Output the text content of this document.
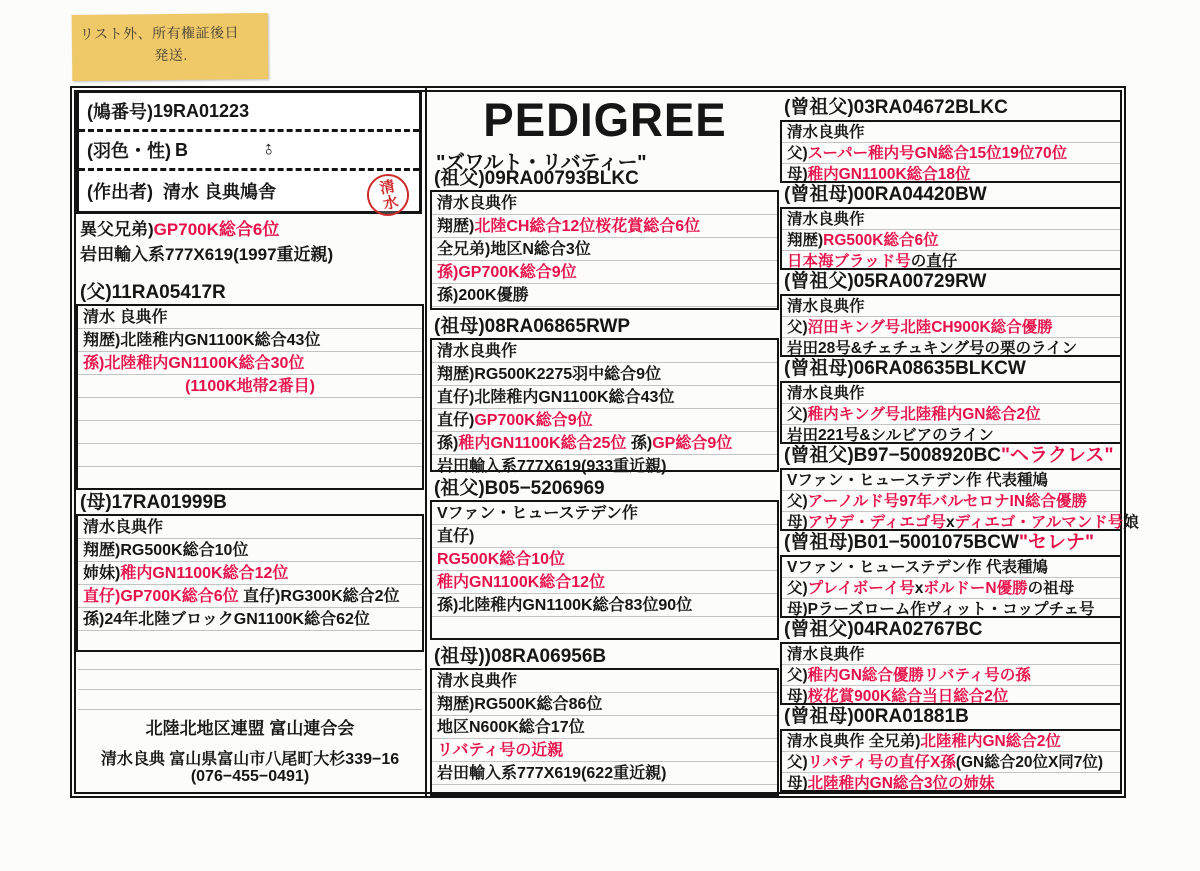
リスト外、所有権証後日
発送.
(鳩番号) 19RA01223
(羽色・性) B	♂
(作出者) 清水 良典鳩舎	清水
PEDIGREE
"ズワルト・リバティー"
異父兄弟)GP700K総合6位
岩田輸入系777X619(1997重近親)
(父)11RA05417R
清水 良典作
翔歴)北陸稚内GN1100K総合43位
孫)北陸稚内GN1100K総合30位
(1100K地帯2番目)
(母)17RA01999B
清水良典作
翔歴)RG500K総合10位
姉妹)稚内GN1100K総合12位
直仔)GP700K総合6位 直仔)RG300K総合2位
孫)24年北陸ブロックGN1100K総合62位
(祖父)09RA00793BLKC
清水良典作
翔歴)北陸CH総合12位桜花賞総合6位
全兄弟)地区N総合3位
孫)GP700K総合9位
孫)200K優勝
(祖母)08RA06865RWP
清水良典作
翔歴)RG500K2275羽中総合9位
直仔)北陸稚内GN1100K総合43位
直仔)GP700K総合9位
孫)稚内GN1100K総合25位 孫)GP総合9位
岩田輸入系777X619(933重近親)
(祖父)B05−5206969
Vファン・ヒューステデン作
直仔)
RG500K総合10位
稚内GN1100K総合12位
孫)北陸稚内GN1100K総合83位90位
(祖母))08RA06956B
清水良典作
翔歴)RG500K総合86位
地区N600K総合17位
リバティ号の近親
岩田輸入系777X619(622重近親)
(曾祖父)03RA04672BLKC
清水良典作
父)スーパー稚内号GN総合15位19位70位
母)稚内GN1100K総合18位
(曾祖母)00RA04420BW
清水良典作
翔歴)RG500K総合6位
日本海ブラッド号の直仔
(曾祖父)05RA00729RW
清水良典作
父)沼田キング号北陸CH900K総合優勝
岩田28号&チェチュキング号の栗のライン
(曾祖母)06RA08635BLKCW
清水良典作
父)稚内キング号北陸稚内GN総合2位
岩田221号&シルビアのライン
(曾祖父)B97−5008920BC"ヘラクレス"
Vファン・ヒューステデン作 代表種鳩
父)アーノルド号97年バルセロナIN総合優勝
母)アウデ・ディエゴ号xディエゴ・アルマンド号娘
(曾祖母)B01−5001075BCW"セレナ"
Vファン・ヒューステデン作 代表種鳩
父)プレイボーイ号xボルドーN優勝の祖母
母)Pラーズローム作ヴィット・コップチェ号
(曾祖父)04RA02767BC
清水良典作
父)稚内GN総合優勝リバティ号の孫
母)桜花賞900K総合当日総合2位
(曾祖母)00RA01881B
清水良典作 全兄弟)北陸稚内GN総合2位
父)リバティ号の直仔X孫(GN総合20位X同7位)
母)北陸稚内GN総合3位の姉妹
北陸北地区連盟 富山連合会
清水良典 富山県富山市八尾町大杉339−16
(076−455−0491)
